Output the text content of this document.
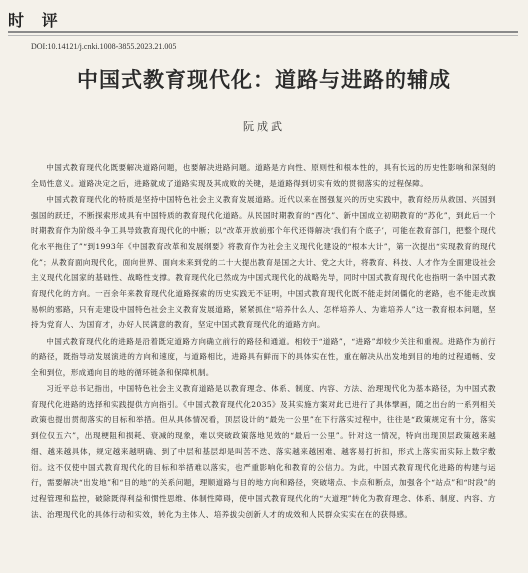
时 评
DOI:10.14121/j.cnki.1008-3855.2023.21.005
中国式教育现代化：道路与进路的辅成
阮成武

中国式教育现代化既要解决道路问题，也要解决进路问题。道路是方向性、原则性和根本性的，具有长远的历史性影响和深刻的全局性意义。道路决定之后，进路就成了道路实现及其成败的关键，是道路得到切实有效的贯彻落实的过程保障。

中国式教育现代化的特质是坚持中国特色社会主义教育发展道路。近代以来在图强复兴的历史实践中，教育经历从救国、兴国到强国的跃迁，不断探索形成具有中国特质的教育现代化道路。从民国时期教育的“西化”、新中国成立初期教育的“苏化”，到此后一个时期教育作为阶级斗争工具导致教育现代化的中断；以“改革开放前那个年代还得解决‘我们有个底子’，可能在教育部门，把整个现代化水平拖住了”“到1993年《中国教育改革和发展纲要》将教育作为社会主义现代化建设的“根本大计”，第一次提出“实现教育的现代化”；从教育面向现代化，面向世界、面向未来到党的二十大提出教育是国之大计、党之大计，将教育、科技、人才作为全面建设社会主义现代化国家的基础性、战略性支撑。教育现代化已然成为中国式现代化的战略先导，同时中国式教育现代化也指明一条中国式教育现代化的方向。一百余年来教育现代化道路探索的历史实践无不证明，中国式教育现代化既不能走封闭僵化的老路，也不能走改旗易帜的邪路，只有走建设中国特色社会主义教育发展道路，紧紧抓住“培养什么人、怎样培养人、为谁培养人”这一教育根本问题，坚持为党育人、为国育才，办好人民满意的教育，坚定中国式教育现代化的道路方向。

中国式教育现代化的进路是沿着既定道路方向确立前行的路径和通道。相较于“道路”，“进路”却较少关注和重视。进路作为前行的路径，既指导动发展演进的方向和速度，与道路相比，进路具有鲜而下的具体实在性，重在解决从出发地到目的地的过程通畅、安全和到位，形成通向目的地的循环链条和保障机制。

习近平总书记指出，中国特色社会主义教育道路是以教育理念、体系、制度、内容、方法、治理现代化为基本路径，为中国式教育现代化进路的选择和实践提供方向指引。《中国式教育现代化2035》及其实施方案对此已进行了具体擘画，随之出台的一系列相关政策也提出贯彻落实的目标和举措。但从具体情况看，顶层设计的“最先一公里”在下行落实过程中，往往是“政策规定有十分，落实到位仅五六”，出现梗阻和损耗、衰减的现象，难以突破政策落地见效的“最后一公里”。针对这一情况，特向出现顶层政策越来越细、越来越具体，规定越来越明确、到了中层和基层却是叫苦不迭、落实越来越困难、越客易打折扣，形式上落实而实际上数字敷衍。这不仅使中国式教育现代化的目标和举措难以落实，也严重影响化和教育的公信力。为此，中国式教育现代化进路的构建与运行，需要解决“出发地”和“目的地”的关系问题，理顺道路与目的地方向和路径，突破堵点、卡点和断点，加强各个“站点”和“时段”的过程管理和监控，破除既得利益和惯性思维、体制性障碍，使中国式教育现代化的“大道理”转化为教育理念、体系、制度、内容、方法、治理现代化的具体行动和实效，转化为主体人、培养拔尖创新人才的成效和人民群众实实在在的获得感。
